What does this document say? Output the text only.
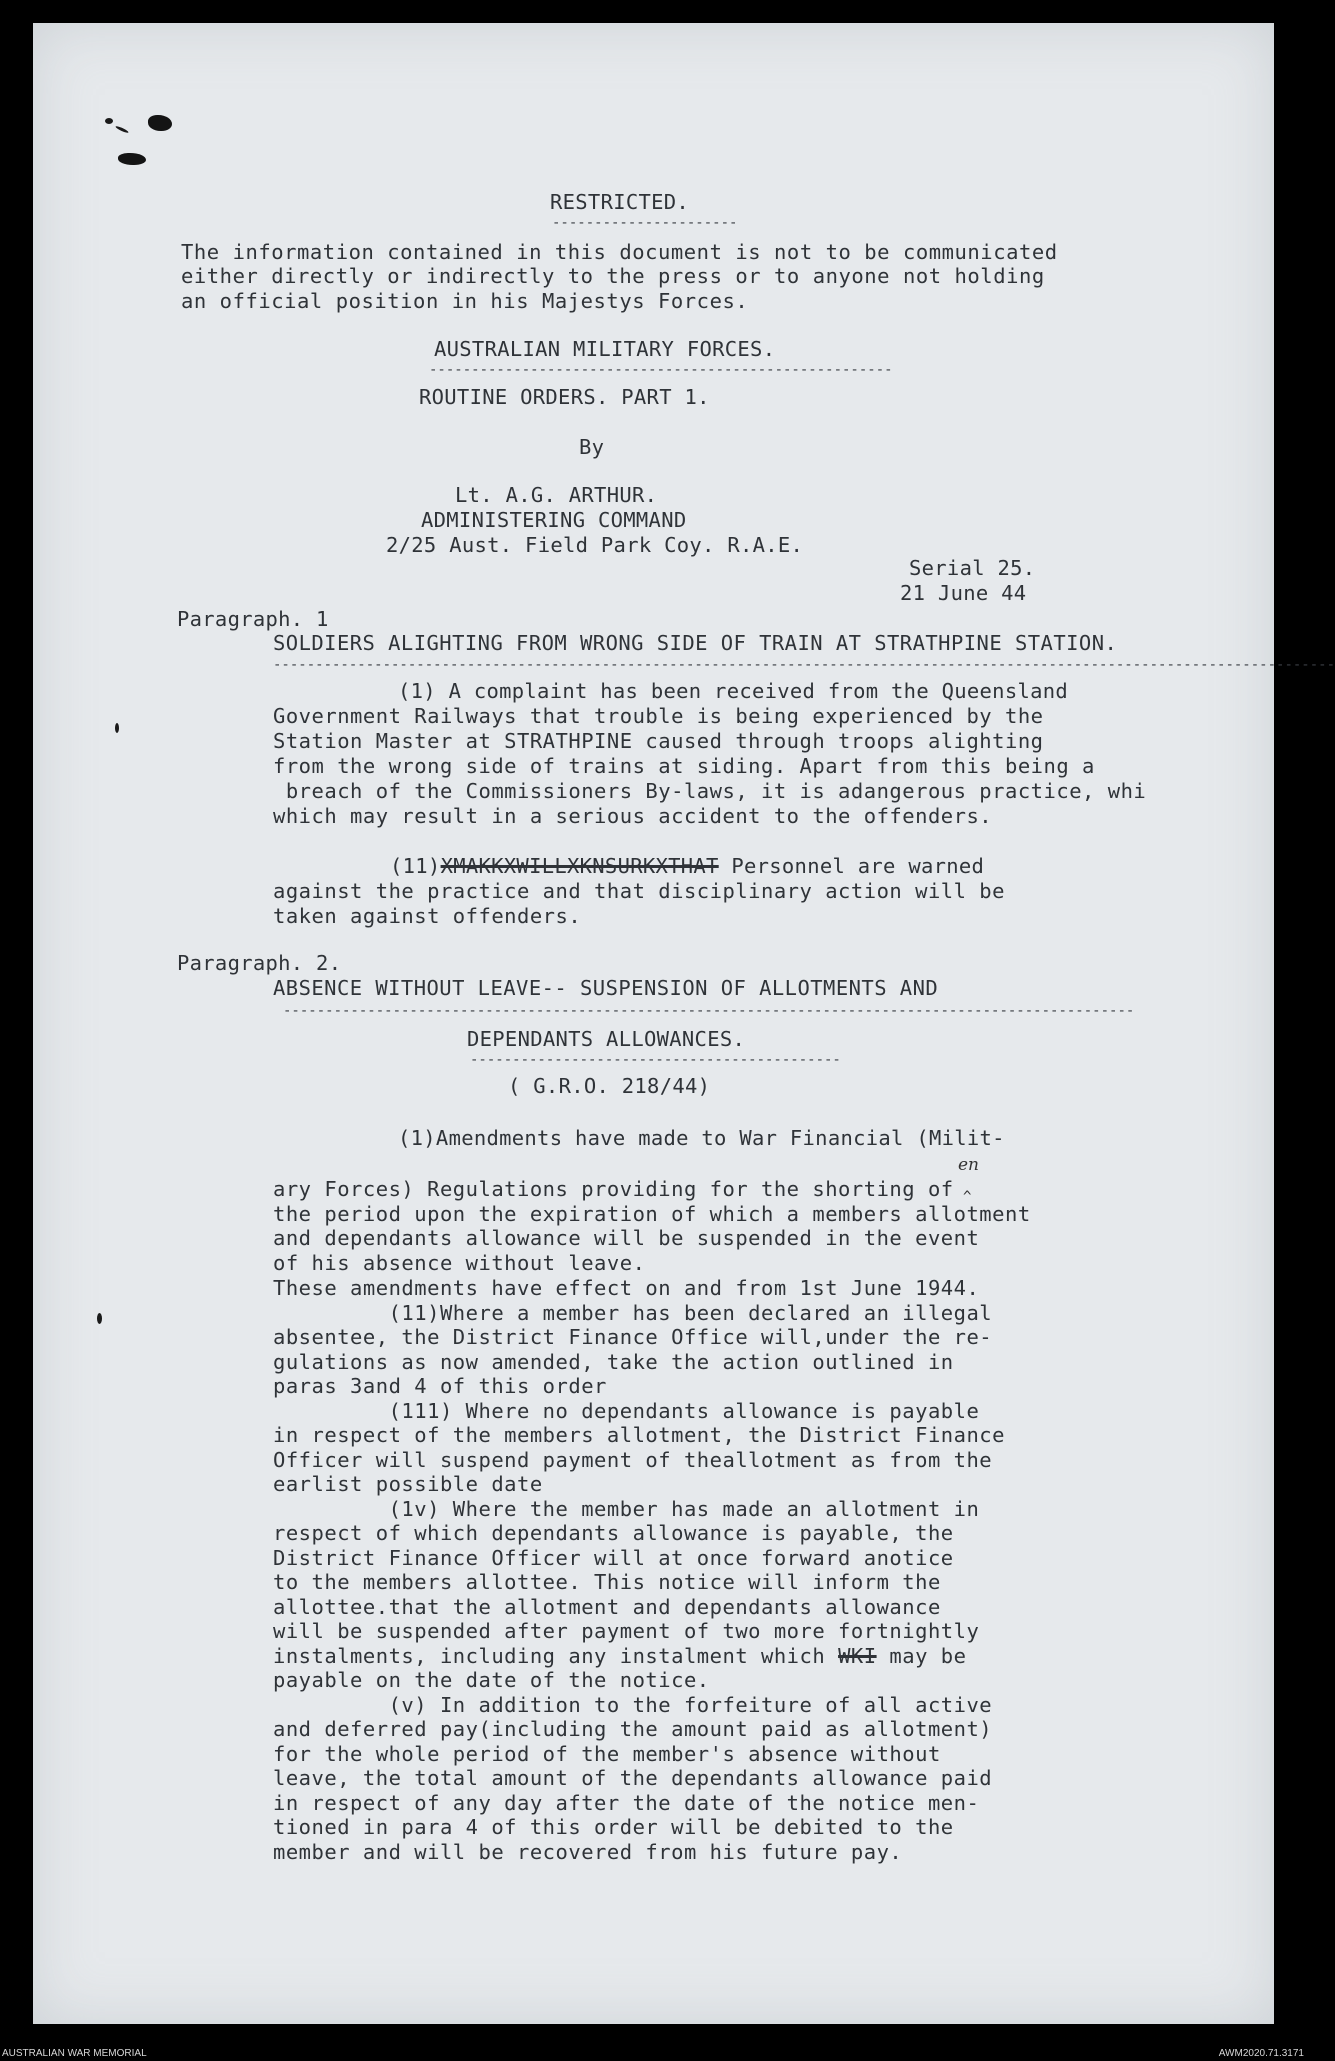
RESTRICTED.
----------------------
The information contained in this document is not to be communicated
either directly or indirectly to the press or to anyone not holding
an official position in his Majestys Forces.
AUSTRALIAN MILITARY FORCES.
-------------------------------------------------------
ROUTINE ORDERS. PART 1.
By
Lt. A.G. ARTHUR.
ADMINISTERING COMMAND
2/25 Aust. Field Park Coy. R.A.E.
Serial 25.
21 June 44
Paragraph. 1
SOLDIERS ALIGHTING FROM WRONG SIDE OF TRAIN AT STRATHPINE STATION.
------------------------------------------------------------------------------------------------------------------------------
(1) A complaint has been received from the Queensland
Government Railways that trouble is being experienced by the
Station Master at STRATHPINE caused through troops alighting
from the wrong side of trains at siding. Apart from this being a
breach of the Commissioners By-laws, it is adangerous practice, whi
which may result in a serious accident to the offenders.
(11)XMAKKXWILLXKNSURKXTHAT Personnel are warned
against the practice and that disciplinary action will be
taken against offenders.
Paragraph. 2.
ABSENCE WITHOUT LEAVE-- SUSPENSION OF ALLOTMENTS AND
-----------------------------------------------------------------------------------------------------
DEPENDANTS ALLOWANCES.
--------------------------------------------
( G.R.O. 218/44)
(1)Amendments have made to War Financial (Milit-
en
^
ary Forces) Regulations providing for the shorting of
the period upon the expiration of which a members allotment
and dependants allowance will be suspended in the event
of his absence without leave.
These amendments have effect on and from 1st June 1944.
(11)Where a member has been declared an illegal
absentee, the District Finance Office will,under the re-
gulations as now amended, take the action outlined in
paras 3and 4 of this order
(111) Where no dependants allowance is payable
in respect of the members allotment, the District Finance
Officer will suspend payment of theallotment as from the
earlist possible date
(1v) Where the member has made an allotment in
respect of which dependants allowance is payable, the
District Finance Officer will at once forward anotice
to the members allottee. This notice will inform the
allottee.that the allotment and dependants allowance
will be suspended after payment of two more fortnightly
instalments, including any instalment which WKI may be
payable on the date of the notice.
(v) In addition to the forfeiture of all active
and deferred pay(including the amount paid as allotment)
for the whole period of the member's absence without
leave, the total amount of the dependants allowance paid
in respect of any day after the date of the notice men-
tioned in para 4 of this order will be debited to the
member and will be recovered from his future pay.
AUSTRALIAN WAR MEMORIAL	AWM2020.71.3171
